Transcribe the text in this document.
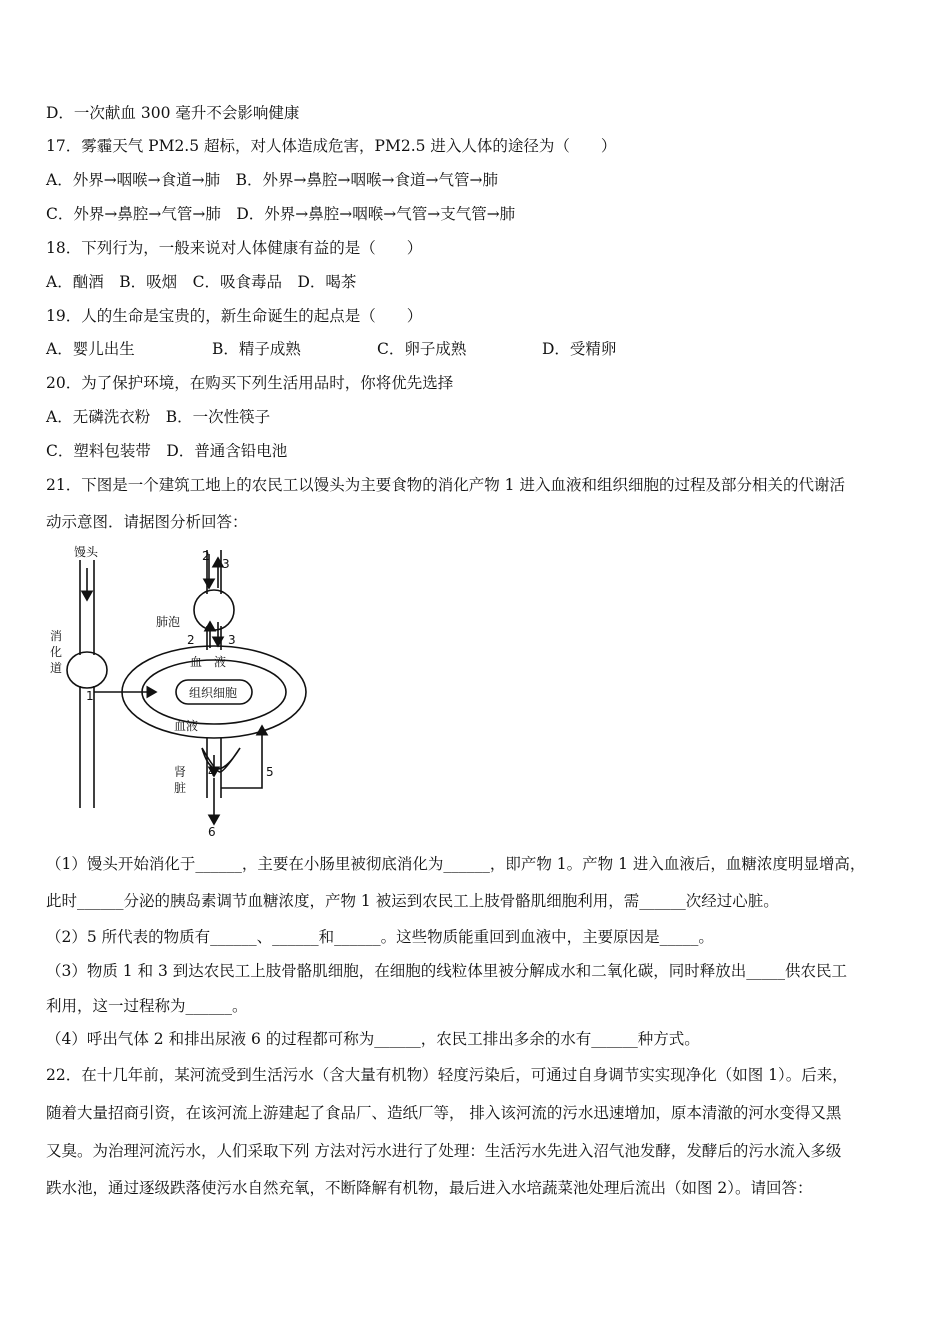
D．一次献血 300 毫升不会影响健康
17．雾霾天气 PM2.5 超标，对人体造成危害，PM2.5 进入人体的途径为（　　）
A．外界→咽喉→食道→肺　B．外界→鼻腔→咽喉→食道→气管→肺
C．外界→鼻腔→气管→肺　D．外界→鼻腔→咽喉→气管→支气管→肺
18．下列行为，一般来说对人体健康有益的是（　　）
A．酗酒　B．吸烟　C．吸食毒品　D．喝茶
19．人的生命是宝贵的，新生命诞生的起点是（　　）
A．婴儿出生	B．精子成熟	C．卵子成熟	D．受精卵
20．为了保护环境，在购买下列生活用品时，你将优先选择
A．无磷洗衣粉　B．一次性筷子
C．塑料包装带　D．普通含铅电池
21．下图是一个建筑工地上的农民工以馒头为主要食物的消化产物 1 进入血液和组织细胞的过程及部分相关的代谢活
动示意图．请据图分析回答：
馒头
消
化
道
肺泡
血　液
组织细胞
血液
肾
脏
1
2
3
2	3
4	5
6
（1）馒头开始消化于______，主要在小肠里被彻底消化为______，即产物 1。产物 1 进入血液后，血糖浓度明显增高，
此时______分泌的胰岛素调节血糖浓度，产物 1 被运到农民工上肢骨骼肌细胞利用，需______次经过心脏。
（2）5 所代表的物质有______、______和______。这些物质能重回到血液中，主要原因是_____。
（3）物质 1 和 3 到达农民工上肢骨骼肌细胞，在细胞的线粒体里被分解成水和二氧化碳，同时释放出_____供农民工
利用，这一过程称为______。
（4）呼出气体 2 和排出尿液 6 的过程都可称为______，农民工排出多余的水有______种方式。
22．在十几年前，某河流受到生活污水（含大量有机物）轻度污染后，可通过自身调节实实现净化（如图 1）。后来，
随着大量招商引资，在该河流上游建起了食品厂、造纸厂等， 排入该河流的污水迅速增加，原本清澈的河水变得又黑
又臭。为治理河流污水，人们采取下列 方法对污水进行了处理：生活污水先进入沼气池发酵，发酵后的污水流入多级
跌水池，通过逐级跌落使污水自然充氧，不断降解有机物，最后进入水培蔬菜池处理后流出（如图 2）。请回答：
